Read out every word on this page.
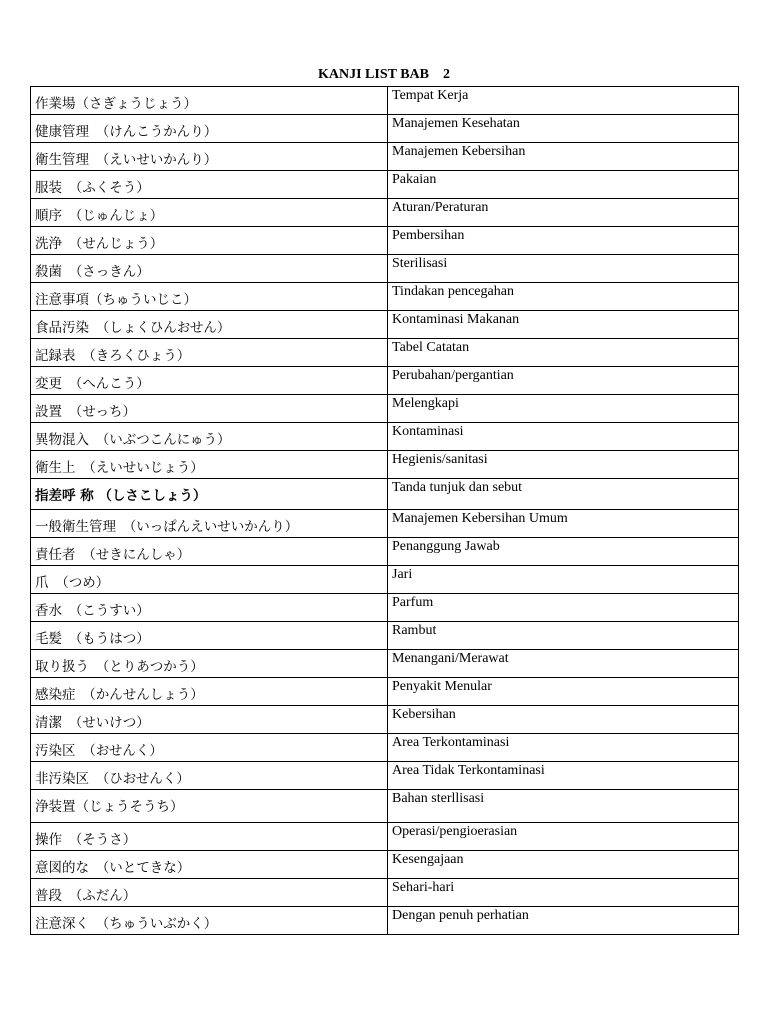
KANJI LIST BAB    2
作業場（さぎょうじょう）	Tempat Kerja
健康管理　（けんこうかんり）	Manajemen Kesehatan
衛生管理　（えいせいかんり）	Manajemen Kebersihan
服装　（ふくそう）	Pakaian
順序　（じゅんじょ）	Aturan/Peraturan
洗浄　（せんじょう）	Pembersihan
殺菌　（さっきん）	Sterilisasi
注意事項（ちゅういじこ）	Tindakan pencegahan
食品汚染　（しょくひんおせん）	Kontaminasi Makanan
記録表　（きろくひょう）	Tabel Catatan
変更　（へんこう）	Perubahan/pergantian
設置　（せっち）	Melengkapi
異物混入　（いぶつこんにゅう）	Kontaminasi
衛生上　（えいせいじょう）	Hegienis/sanitasi
指差呼 称 （しさこしょう）	Tanda tunjuk dan sebut
一般衛生管理　（いっぱんえいせいかんり）	Manajemen Kebersihan Umum
責任者　（せきにんしゃ）	Penanggung Jawab
爪　（つめ）	Jari
香水　（こうすい）	Parfum
毛髪　（もうはつ）	Rambut
取り扱う　（とりあつかう）	Menangani/Merawat
感染症　（かんせんしょう）	Penyakit Menular
清潔　（せいけつ）	Kebersihan
汚染区　（おせんく）	Area Terkontaminasi
非汚染区　（ひおせんく）	Area Tidak Terkontaminasi
浄装置（じょうそうち）	Bahan sterllisasi
操作　（そうさ）	Operasi/pengioerasian
意図的な　（いとてきな）	Kesengajaan
普段　（ふだん）	Sehari-hari
注意深く　（ちゅういぶかく）	Dengan penuh perhatian
